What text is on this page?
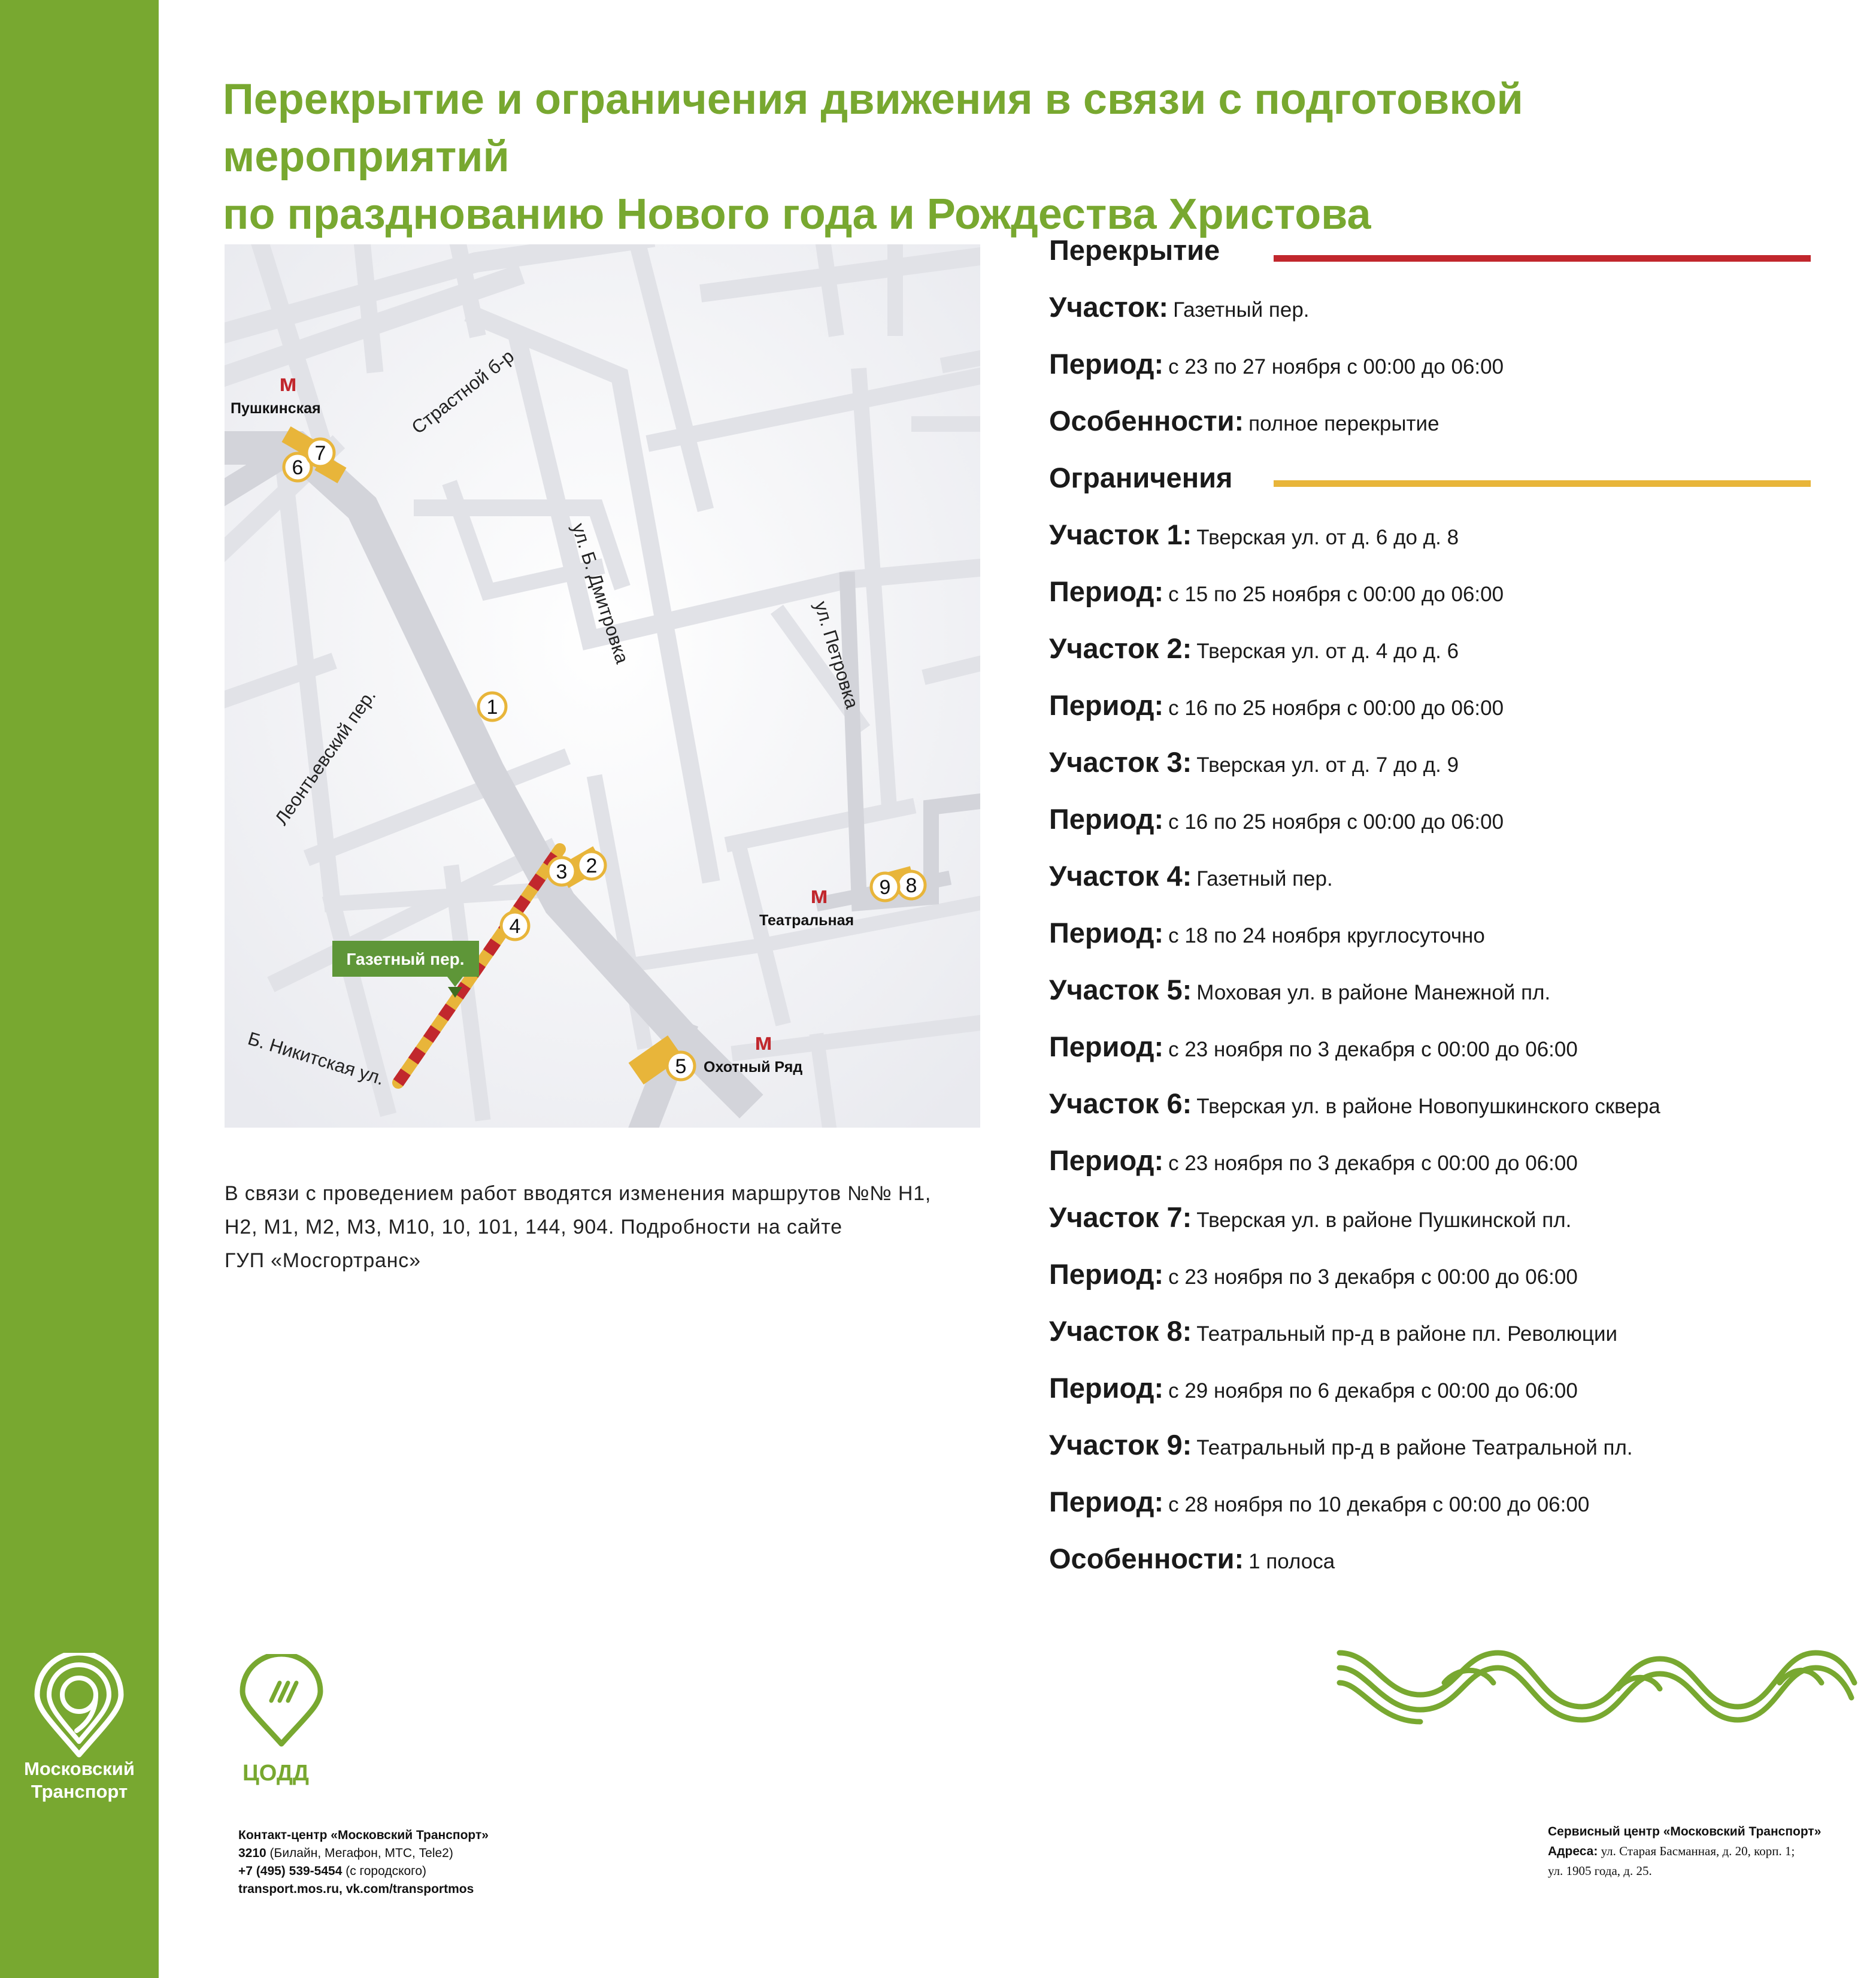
Московский
Транспорт
Перекрытие и ограничения движения в связи с подготовкой мероприятий
по празднованию Нового года и Рождества Христова
6
7
1
2
3
4
5
8
9
Газетный пер.
м
м
м
Пушкинская
Театральная
Охотный Ряд
Страстной б-р
ул. Б. Дмитровка	ул. Петровка
Леонтьевский пер.
Б. Никитская ул.
В связи с проведением работ вводятся изменения маршрутов №№ Н1,
Н2, М1, М2, М3, М10, 10, 101, 144, 904. Подробности на сайте
ГУП «Мосгортранс»
Перекрытие
Участок: Газетный пер.
Период: с 23 по 27 ноября с 00:00 до 06:00
Особенности: полное перекрытие
Ограничения
Участок 1: Тверская ул. от д. 6 до д. 8
Период: с 15 по 25 ноября с 00:00 до 06:00
Участок 2: Тверская ул. от д. 4 до д. 6
Период: с 16 по 25 ноября с 00:00 до 06:00
Участок 3: Тверская ул. от д. 7 до д. 9
Период: с 16 по 25 ноября с 00:00 до 06:00
Участок 4: Газетный пер.
Период: с 18 по 24 ноября круглосуточно
Участок 5: Моховая ул. в районе Манежной пл.
Период: с 23 ноября по 3 декабря с 00:00 до 06:00
Участок 6: Тверская ул. в районе Новопушкинского сквера
Период: с 23 ноября по 3 декабря с 00:00 до 06:00
Участок 7: Тверская ул. в районе Пушкинской пл.
Период: с 23 ноября по 3 декабря с 00:00 до 06:00
Участок 8: Театральный пр-д в районе пл. Революции
Период: с 29 ноября по 6 декабря с 00:00 до 06:00
Участок 9: Театральный пр-д в районе Театральной пл.
Период: с 28 ноября по 10 декабря с 00:00 до 06:00
Особенности: 1 полоса
ЦОДД
Контакт-центр «Московский Транспорт»
3210 (Билайн, Мегафон, МТС, Tele2)
+7 (495) 539-5454 (с городского)
transport.mos.ru, vk.com/transportmos
Сервисный центр «Московский Транспорт»
Адреса: ул. Старая Басманная, д. 20, корп. 1;
ул. 1905 года, д. 25.
